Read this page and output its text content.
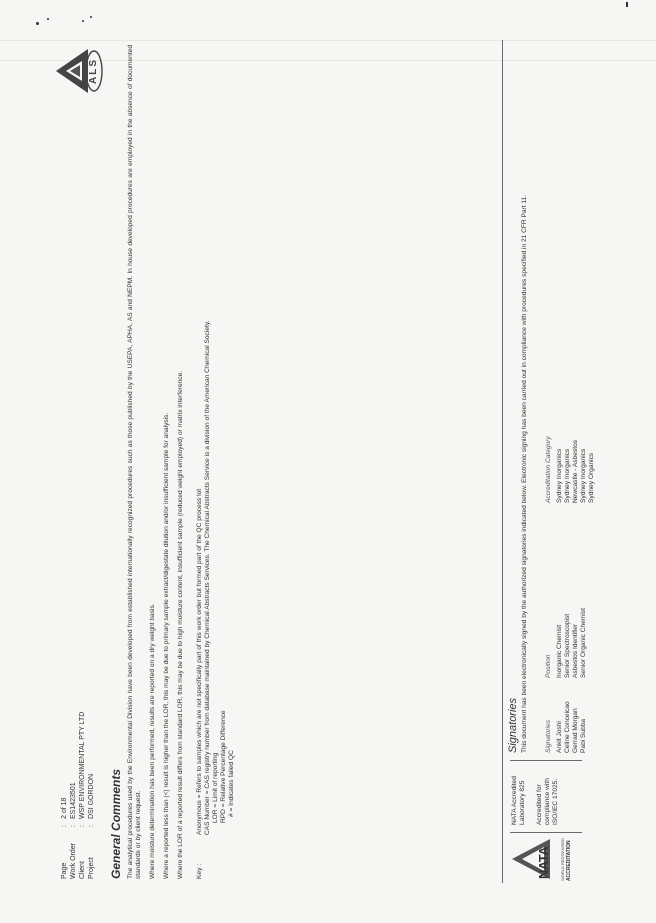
Page
:
2 of 18
Work Order
:
ES1423501
Client
:
WSP ENVIRONMENTAL PTY LTD
Project
:
DSI GORDON
ALS
General Comments The analytical procedures used by the Environmental Division have been developed from established internationally recognized procedures such as those published by the USEPA, APHA, AS and NEPM. In house developed procedures are employed in the absence of documented standards or by client request. Where moisture determination has been performed, results are reported on a dry weight basis. Where a reported less than (<) result is higher than the LOR, this may be due to primary sample extract/digestate dilution and/or insufficient sample for analysis. Where the LOR of a reported result differs from standard LOR, this may be due to high moisture content, insufficient sample (reduced weight employed) or matrix interference. Key :
Anonymous = Refers to samples which are not specifically part of this work order but formed part of the QC process lot CAS Number = CAS registry number from database maintained by Chemical Abstracts Services. The Chemical Abstracts Service is a division of the American Chemical Society. LOR = Limit of reporting RPD = Relative Percentage Difference # = Indicates failed QC
NATA WORLD RECOGNISED ACCREDITATION
NATA Accredited Laboratory 825 Accredited for compliance with ISO/IEC 17025.
Signatories This document has been electronically signed by the authorized signatories indicated below. Electronic signing has been carried out in compliance with procedures specified in 21 CFR Part 11.	Signatories
Position
Accreditation Category
Ankit Joshi
Inorganic Chemist
Sydney Inorganics
Celine Conceicao
Senior Spectroscopist
Sydney Inorganics
Gerrad Morgan
Asbestos Identifier
Newcastle - Asbestos
Pabi Subba
Senior Organic Chemist
Sydney Inorganics Sydney Organics
